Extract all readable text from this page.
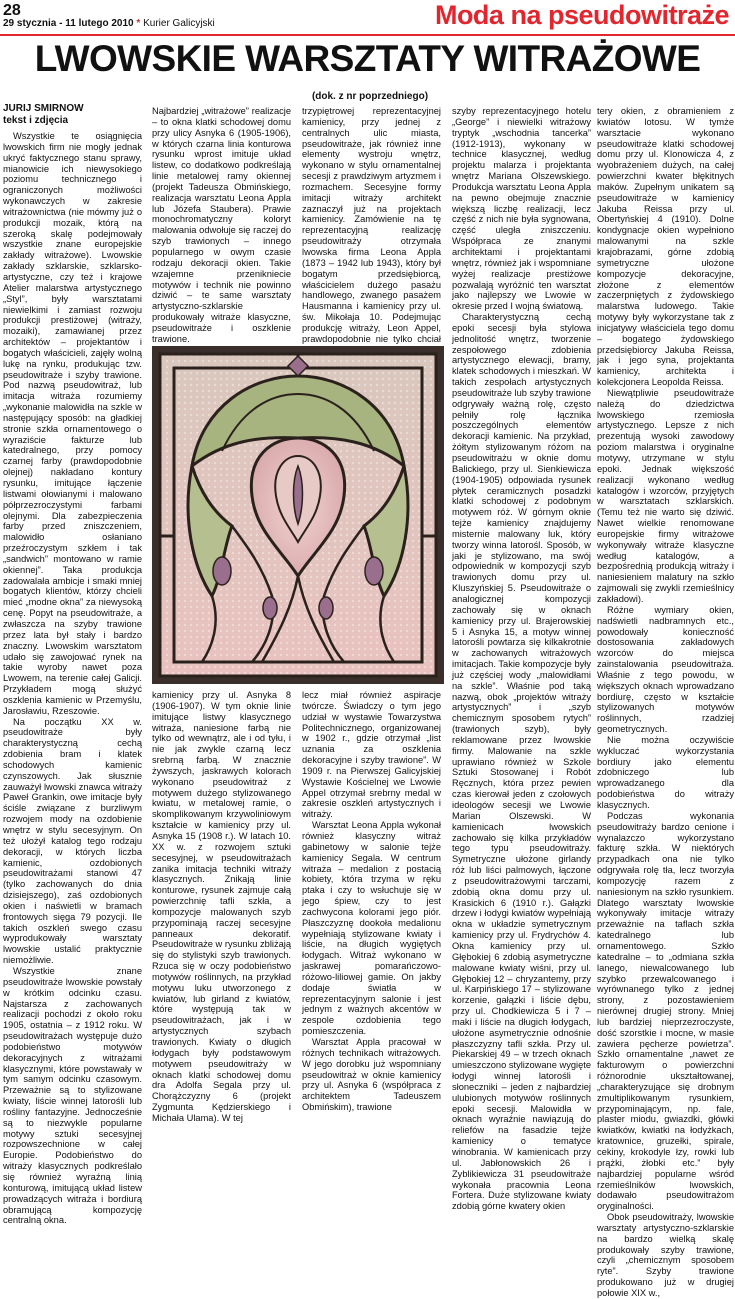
28
29 stycznia - 11 lutego 2010 * Kurier Galicyjski	Moda na pseudowitraże
LWOWSKIE WARSZTATY WITRAŻOWE
(dok. z nr poprzedniego)
JURIJ SMIRNOW
tekst i zdjęcia

Wszystkie te osiągnięcia lwowskich firm nie mogły jednak ukryć faktycznego stanu sprawy, mianowicie ich niewysokiego poziomu technicznego i ograniczonych możliwości wykonawczych w zakresie witrażownictwa (nie mówmy już o produkcji mozaik, którą na szeroką skalę podejmowały wszystkie znane europejskie zakłady witrażowe). Lwowskie zakłady szklarskie, szklarsko-artystyczne, czy też i krajowe Atelier malarstwa artystycznego „Styl”, były warsztatami niewielkimi i zamiast rozwoju produkcji prestiżowej (witraży, mozaiki), zamawianej przez architektów – projektantów i bogatych właścicieli, zajęły wolną lukę na rynku, produkując tzw. pseudowitraże i szyby trawione. Pod nazwą pseudowitraż, lub imitacja witraża rozumiemy „wykonanie malowidła na szkle w następujący sposób: na gładkiej stronie szkła ornamentowego o wyraziście fakturze lub katedralnego, przy pomocy czarnej farby (prawdopodobnie olejnej) nakładano kontury rysunku, imitujące łączenie listwami ołowianymi i malowano półprzezroczystymi farbami olejnymi. Dla zabezpieczenia farby przed zniszczeniem, malowidło osłaniano przeźroczystym szkłem i tak „sandwich” montowano w ramie okiennej”. Taka produkcja zadowalała ambicje i smaki mniej bogatych klientów, którzy chcieli mieć „modne okna” za niewysoką cenę. Popyt na pseudowitraże, a zwłaszcza na szyby trawione przez lata był stały i bardzo znaczny. Lwowskim warsztatom udało się zawojować rynek na takie wyroby nawet poza Lwowem, na terenie całej Galicji. Przykładem mogą służyć oszklenia kamienic w Przemyślu, Jarosławiu, Rzeszowie.

Na początku XX w. pseudowitraże były charakterystyczną cechą zdobienia bram i klatek schodowych kamienic czynszowych. Jak słusznie zauważył lwowski znawca witraży Paweł Grankin, owe imitacje były ściśle związane z burzliwym rozwojem mody na ozdobienie wnętrz w stylu secesyjnym. On też ułożył katalog tego rodzaju dekoracji, w których liczba kamienic, ozdobionych pseudowitrażami stanowi 47 (tylko zachowanych do dnia dzisiejszego), zaś ozdobionych okien i naświetli w bramach frontowych sięga 79 pozycji. Ile takich oszkleń swego czasu wyprodukowały warsztaty lwowskie ustalić praktycznie niemożliwie.

Wszystkie znane pseudowitraże lwowskie powstały w krótkim odcinku czasu. Najstarsza z zachowanych realizacji pochodzi z około roku 1905, ostatnia – z 1912 roku. W pseudowitrażach występuje dużo podobieństwo motywów dekoracyjnych z witrażami klasycznymi, które powstawały w tym samym odcinku czasowym. Przeważnie są to stylizowane kwiaty, liście winnej latorośli lub rośliny fantazyjne. Jednocześnie są to niezwykle popularne motywy sztuki secesyjnej rozpowszechnione w całej Europie. Podobieństwo do witraży klasycznych podkreślało się również wyraźną linią konturową, imitującą układ listew prowadzących witraża i bordiurą obramującą kompozycję centralną okna.

Najbardziej „witrażowe” realizacje – to okna klatki schodowej domu przy ulicy Asnyka 6 (1905-1906), w których czarna linia konturowa rysunku wprost imituje układ listew, co dodatkowo podkreślają linie metalowej ramy okiennej (projekt Tadeusza Obmińskiego, realizacja warsztatu Leona Appla lub Józefa Staubera). Prawie monochromatyczny koloryt malowania odwołuje się raczej do szyb trawionych – innego popularnego w owym czasie rodzaju dekoracji okien. Takie wzajemne przenikniecie motywów i technik nie powinno dziwić – te same warsztaty artystyczno-szklarskie produkowały witraże klasyczne, pseudowitraże i oszklenie trawione.

trzypiętrowej reprezentacyjnej kamienicy, przy jednej z centralnych ulic miasta, pseudowitraże, jak również inne elementy wystroju wnętrz, wykonano w stylu ornamentalnej secesji z prawdziwym artyzmem i rozmachem. Secesyjne formy imitacji witraży architekt zaznaczył już na projektach kamienicy. Zamówienie na tę reprezentacyjną realizację pseudowitraży otrzymała lwowska firma Leona Appla (1873 – 1942 lub 1943), który był bogatym przedsiębiorcą, właścicielem dużego pasażu handlowego, zwanego pasażem Hausmanna i kamienicy przy ul. św. Mikołaja 10. Podejmując produkcję witraży, Leon Appel, prawdopodobnie nie tylko chciał

kamienicy przy ul. Asnyka 8 (1906-1907). W tym oknie linie imitujące listwy klasycznego witraża, naniesione farbą nie tylko od wewnątrz, ale i od tyłu, i nie jak zwykle czarną lecz srebrną farbą. W znacznie żywszych, jaskrawych kolorach wykonano pseudowitraż z motywem dużego stylizowanego kwiatu, w metalowej ramie, o skomplikowanym krzywoliniowym kształcie w kamienicy przy ul. Asnyka 15 (1908 r.). W latach 10. XX w. z rozwojem sztuki secesyjnej, w pseudowitrażach zanika imitacja techniki witraży klasycznych. Znikają linie konturowe, rysunek zajmuje całą powierzchnię tafli szkła, a kompozycje malowanych szyb przypominają raczej secesyjne panneaux dekoratif. Pseudowitraże w rysunku zbliżają się do stylistyki szyb trawionych. Rzuca się w oczy podobieństwo motywów roślinnych, na przykład motywu luku utworzonego z kwiatów, lub girland z kwiatów, które występują tak w pseudowitrażach, jak i w artystycznych szybach trawionych. Kwiaty o długich łodygach były podstawowym motywem pseudowitraży w oknach klatki schodowej domu dra Adolfa Segala przy ul. Chorążczyzny 6 (projekt Zygmunta Kędzierskiego i Michała Ulama). W tej

lecz miał również aspiracje twórcze. Świadczy o tym jego udział w wystawie Towarzystwa Politechnicznego, organizowanej w 1902 r., gdzie otrzymał „list uznania za oszklenia dekoracyjne i szyby trawione”. W 1909 r. na Pierwszej Galicyjskiej Wystawie Kościelnej we Lwowie Appel otrzymał srebrny medal w zakresie oszkleń artystycznych i witraży.

Warsztat Leona Appla wykonał również klasyczny witraż gabinetowy w salonie tejże kamienicy Segala. W centrum witraża – medalion z postacią kobiety, która trzyma w ręku ptaka i czy to wsłuchuje się w jego śpiew, czy to jest zachwycona kolorami jego piór. Płaszczyznę dookoła medalionu wypełniają stylizowane kwiaty i liście, na długich wygiętych łodygach. Witraż wykonano w jaskrawej pomarańczowo-różowo-liliowej gamie. On jakby dodaje światła w reprezentacyjnym salonie i jest jednym z ważnych akcentów w zespole ozdobienia tego pomieszczenia.

Warsztat Appla pracował w różnych technikach witrażowych. W jego dorobku już wspomniany pseudowitraż w oknie kamienicy przy ul. Asnyka 6 (współpraca z architektem Tadeuszem Obmińskim), trawione

szyby reprezentacyjnego hotelu „George” i niewielki witrażowy tryptyk „wschodnia tancerka” (1912-1913), wykonany w technice klasycznej, według projektu malarza i projektanta wnętrz Mariana Olszewskiego. Produkcja warsztatu Leona Appla na pewno obejmuje znacznie większą liczbę realizacji, lecz część z nich nie była sygnowana, część uległa zniszczeniu. Współpraca ze znanymi architektami i projektantami wnętrz, również jak i wspomniane wyżej realizacje prestiżowe pozwalają wyróżnić ten warsztat jako najlepszy we Lwowie w okresie przed I wojną światową.

Charakterystyczną cechą epoki secesji była stylowa jednolitość wnętrz, tworzenie zespołowego zdobienia artystycznego elewacji, bramy, klatek schodowych i mieszkań. W takich zespołach artystycznych pseudowitraże lub szyby trawione odgrywały ważną rolę, często pełniły rolę łącznika poszczególnych elementów dekoracji kamienic. Na przykład, żółtym stylizowanym różom na pseudowitrażu w oknie domu Balickiego, przy ul. Sienkiewicza (1904-1905) odpowiada rysunek płytek ceramicznych posadzki klatki schodowej z podobnym motywem róż. W górnym oknie tejże kamienicy znajdujemy misternie malowany luk, który tworzy winna latorośl. Sposób, w jaki je stylizowano, ma swój odpowiednik w kompozycji szyb trawionych domu przy ul. Kluszyńskiej 5. Pseudowitraże o analogicznej kompozycji zachowały się w oknach kamienicy przy ul. Brajerowskiej 5 i Asnyka 15, a motyw winnej latorośli powtarza się kilkakrotnie w zachowanych witrażowych imitacjach. Takie kompozycje były już częściej wody „malowidłami na szkle”. Właśnie pod taką nazwą, obok „projektów witraży artystycznych” i „szyb chemicznym sposobem rytych” (trawionych szyb), były reklamowane przez lwowskie firmy. Malowanie na szkle uprawiano również w Szkole Sztuki Stosowanej i Robót Ręcznych, która przez pewien czas kierował jeden z czołowych ideologów secesji we Lwowie Marian Olszewski. W kamienicach lwowskich zachowało się kilka przykładów tego typu pseudowitraży. Symetryczne ułożone girlandy róż lub liści palmowych, łączone z pseudowitrażowymi tarczami, zdobią okna domu przy ul. Krasickich 6 (1910 r.). Gałązki drzew i łodygi kwiatów wypełniają okna w układzie symetrycznym kamienicy przy ul. Frydrychów 4. Okna kamienicy przy ul. Głębokiej 6 zdobią asymetryczne malowane kwiaty wiśni, przy ul. Głębokiej 12 – chryzantemy, przy ul. Karpińskiego 17 – stylizowane korzenie, gałązki i liście dębu, przy ul. Chodkiewicza 5 i 7 – maki i liście na długich łodygach, ułożone asymetrycznie odnośnie płaszczyzny tafli szkła. Przy ul. Piekarskiej 49 – w trzech oknach umieszczono stylizowane wygięte łodygi winnej latorośli i słoneczniki – jeden z najbardziej ulubionych motywów roślinnych epoki secesji. Malowidła w oknach wyraźnie nawiązują do reliefów na fasadzie tejże kamienicy o tematyce winobrania. W kamienicach przy ul. Jabłonowskich 26 i Zyblikiewicza 31 pseudowitraże wykonała pracownia Leona Fortera. Duże stylizowane kwiaty zdobią górne kwatery okien

tery okien, z obramieniem z kwiatów lotosu. W tymże warsztacie wykonano pseudowitraże klatki schodowej domu przy ul. Klonowicza 4, z wyobrażeniem dużych, na całej powierzchni kwater błękitnych maków. Zupełnym unikatem są pseudowitraże w kamienicy Jakuba Reissa przy ul. Obertyńskiej 4 (1910). Dolne kondygnacje okien wypełniono malowanymi na szkle krajobrazami, górne zdobią symetryczne ułożone kompozycje dekoracyjne, złożone z elementów zaczerpniętych z żydowskiego malarstwa ludowego. Takie motywy były wykorzystane tak z inicjatywy właściciela tego domu – bogatego żydowskiego przedsiębiorcy Jakuba Reissa, jak i jego syna, projektanta kamienicy, architekta i kolekcjonera Leopolda Reissa.

Niewątpliwie pseudowitraże należą do dziedzictwa lwowskiego rzemiosła artystycznego. Lepsze z nich prezentują wysoki zawodowy poziom malarstwa i oryginalne motywy, utrzymane w stylu epoki. Jednak większość realizacji wykonano według katalogów i wzorców, przyjętych w warsztatach szklarskich. (Temu też nie warto się dziwić. Nawet wielkie renomowane europejskie firmy witrażowe wykonywały witraże klasyczne według katalogów, a bezpośrednią produkcją witraży i naniesieniem malatury na szkło zajmowali się zwykli rzemieślnicy zakładowi).

Różne wymiary okien, nadświetli nadbramnych etc., powodowały konieczność dostosowania zakładowych wzorców do miejsca zainstalowania pseudowitraża. Właśnie z tego powodu, w większych oknach wprowadzano bordiurę, często w kształcie stylizowanych motywów roślinnych, rzadziej geometrycznych.

Nie można oczywiście wykluczać wykorzystania bordiury jako elementu zdobniczego lub wprowadzanego dla podobieństwa do witraży klasycznych.

Podczas wykonania pseudowitraży bardzo cenione i wynalazczo wykorzystano fakturę szkła. W niektórych przypadkach ona nie tylko odgrywała rolę tła, lecz tworzyła kompozycję razem z naniesionym na szkło rysunkiem. Dlatego warsztaty lwowskie wykonywały imitacje witraży przeważnie na taflach szkła katedralnego lub ornamentowego. Szkło katedralne – to „odmiana szkła lanego, niewalcowanego lub szybko przewalcowanego i wyrównanego tylko z jednej strony, z pozostawieniem nierównej drugiej strony. Mniej lub bardziej nieprzezroczyste, dość szorstkie i mocne, w masie zawiera pęcherze powietrza”. Szkło ornamentalne „nawet ze fakturowym o powierzchni różnorodnie ukształtowanej, „charakteryzujące się drobnym zmultiplikowanym rysunkiem, przypominającym, np. fale, plaster miodu, gwiazdki, główki kwiatków, kwiatki na łodyżkach, kratownice, gruzełki, spirale, cekiny, krokodyle łzy, rowki lub prążki, żłobki etc.” były najbardziej popularne wśród rzemieślników lwowskich, dodawało pseudowitrażom oryginalności.

Obok pseudowitraży, lwowskie warsztaty artystyczno-szklarskie na bardzo wielką skalę produkowały szyby trawione, czyli „chemicznym sposobem ryte”. Szyby trawione produkowano już w drugiej połowie XIX w.,
